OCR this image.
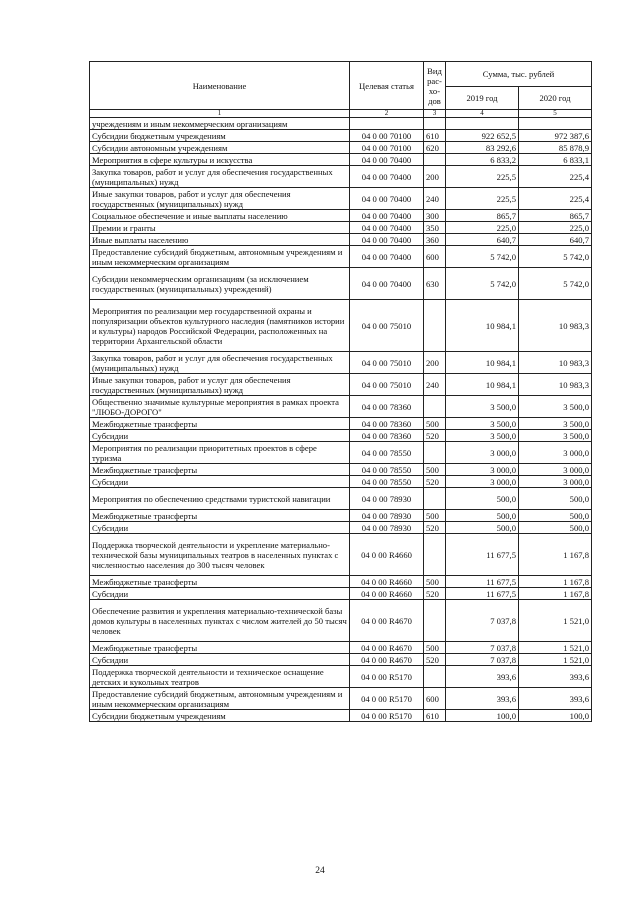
Наименование	Целевая статья	Вид рас-хо-дов	Сумма, тыс. рублей	
			2019 год	2020 год
1	2	3	4	5
учреждениям и иным некоммерческим организациям				
Субсидии бюджетным учреждениям	04 0 00 70100	610	922 652,5	972 387,6
Субсидии автономным учреждениям	04 0 00 70100	620	83 292,6	85 878,9
Мероприятия в сфере культуры и искусства	04 0 00 70400		6 833,2	6 833,1
Закупка товаров, работ и услуг для обеспечения государственных (муниципальных) нужд	04 0 00 70400	200	225,5	225,4
Иные закупки товаров, работ и услуг для обеспечения государственных (муниципальных) нужд	04 0 00 70400	240	225,5	225,4
Социальное обеспечение и иные выплаты населению	04 0 00 70400	300	865,7	865,7
Премии и гранты	04 0 00 70400	350	225,0	225,0
Иные выплаты населению	04 0 00 70400	360	640,7	640,7
Предоставление субсидий бюджетным, автономным учреждениям и иным некоммерческим организациям	04 0 00 70400	600	5 742,0	5 742,0
Субсидии некоммерческим организациям (за исключением государственных (муниципальных) учреждений)	04 0 00 70400	630	5 742,0	5 742,0
Мероприятия по реализации мер государственной охраны и популяризации объектов культурного наследия (памятников истории и культуры) народов Российской Федерации, расположенных на территории Архангельской области	04 0 00 75010		10 984,1	10 983,3
Закупка товаров, работ и услуг для обеспечения государственных (муниципальных) нужд	04 0 00 75010	200	10 984,1	10 983,3
Иные закупки товаров, работ и услуг для обеспечения государственных (муниципальных) нужд	04 0 00 75010	240	10 984,1	10 983,3
Общественно значимые культурные мероприятия в рамках проекта "ЛЮБО-ДОРОГО"	04 0 00 78360		3 500,0	3 500,0
Межбюджетные трансферты	04 0 00 78360	500	3 500,0	3 500,0
Субсидии	04 0 00 78360	520	3 500,0	3 500,0
Мероприятия по реализации приоритетных проектов в сфере туризма	04 0 00 78550		3 000,0	3 000,0
Межбюджетные трансферты	04 0 00 78550	500	3 000,0	3 000,0
Субсидии	04 0 00 78550	520	3 000,0	3 000,0
Мероприятия по обеспечению средствами туристской навигации	04 0 00 78930		500,0	500,0
Межбюджетные трансферты	04 0 00 78930	500	500,0	500,0
Субсидии	04 0 00 78930	520	500,0	500,0
Поддержка творческой деятельности и укрепление материально-технической базы муниципальных театров в населенных пунктах с численностью населения до 300 тысяч человек	04 0 00 R4660		11 677,5	1 167,8
Межбюджетные трансферты	04 0 00 R4660	500	11 677,5	1 167,8
Субсидии	04 0 00 R4660	520	11 677,5	1 167,8
Обеспечение развития и укрепления материально-технической базы домов культуры в населенных пунктах с числом жителей до 50 тысяч человек	04 0 00 R4670		7 037,8	1 521,0
Межбюджетные трансферты	04 0 00 R4670	500	7 037,8	1 521,0
Субсидии	04 0 00 R4670	520	7 037,8	1 521,0
Поддержка творческой деятельности и техническое оснащение детских и кукольных театров	04 0 00 R5170		393,6	393,6
Предоставление субсидий бюджетным, автономным учреждениям и иным некоммерческим организациям	04 0 00 R5170	600	393,6	393,6
Субсидии бюджетным учреждениям	04 0 00 R5170	610	100,0	100,0
24
